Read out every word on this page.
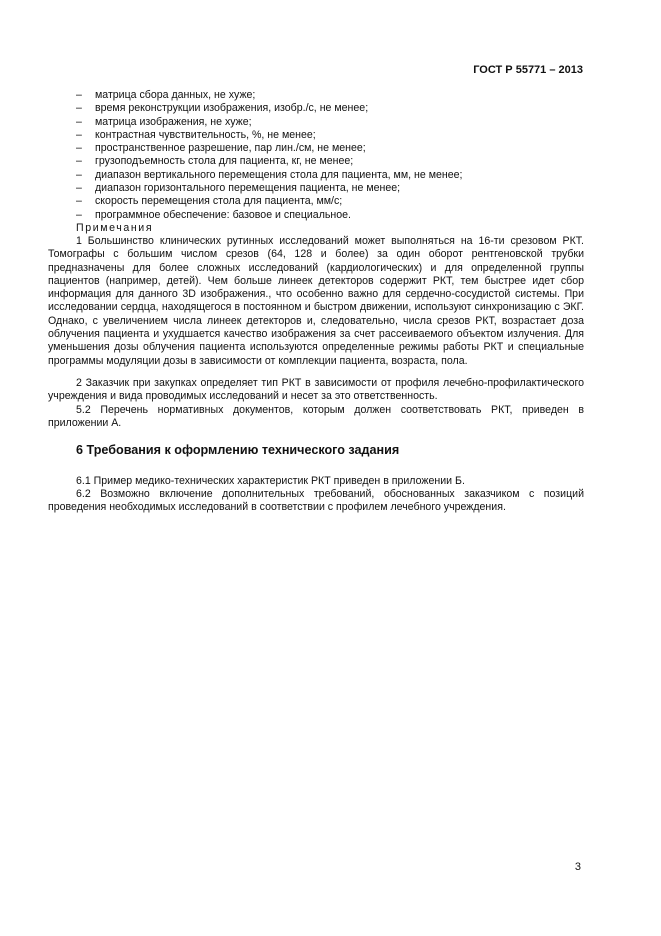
ГОСТ Р 55771 – 2013
– матрица сбора данных, не хуже;
– время реконструкции изображения, изобр./с, не менее;
– матрица изображения, не хуже;
– контрастная чувствительность, %, не менее;
– пространственное разрешение, пар лин./см, не менее;
– грузоподъемность стола для пациента, кг, не менее;
– диапазон вертикального перемещения стола для пациента, мм, не менее;
– диапазон горизонтального перемещения пациента, не менее;
– скорость перемещения стола для пациента, мм/с;
– программное обеспечение: базовое и специальное.
Примечания

1 Большинство клинических рутинных исследований может выполняться на 16-ти срезовом РКТ. Томографы с большим числом срезов (64, 128 и более) за один оборот рентгеновской трубки предназначены для более сложных исследований (кардиологических) и для определенной группы пациентов (например, детей). Чем больше линеек детекторов содержит РКТ, тем быстрее идет сбор информация для данного 3D изображения., что особенно важно для сердечно-сосудистой системы. При исследовании сердца, находящегося в постоянном и быстром движении, используют синхронизацию с ЭКГ. Однако, с увеличением числа линеек детекторов и, следовательно, числа срезов РКТ, возрастает доза облучения пациента и ухудшается качество изображения за счет рассеиваемого объектом излучения. Для уменьшения дозы облучения пациента используются определенные режимы работы РКТ и специальные программы модуляции дозы в зависимости от комплекции пациента, возраста, пола.

2 Заказчик при закупках определяет тип РКТ в зависимости от профиля лечебно-профилактического учреждения и вида проводимых исследований и несет за это ответственность.

5.2 Перечень нормативных документов, которым должен соответствовать РКТ, приведен в приложении А.

6 Требования к оформлению технического задания

6.1 Пример медико-технических характеристик РКТ приведен в приложении Б.

6.2 Возможно включение дополнительных требований, обоснованных заказчиком с позиций проведения необходимых исследований в соответствии с профилем лечебного учреждения.

3
